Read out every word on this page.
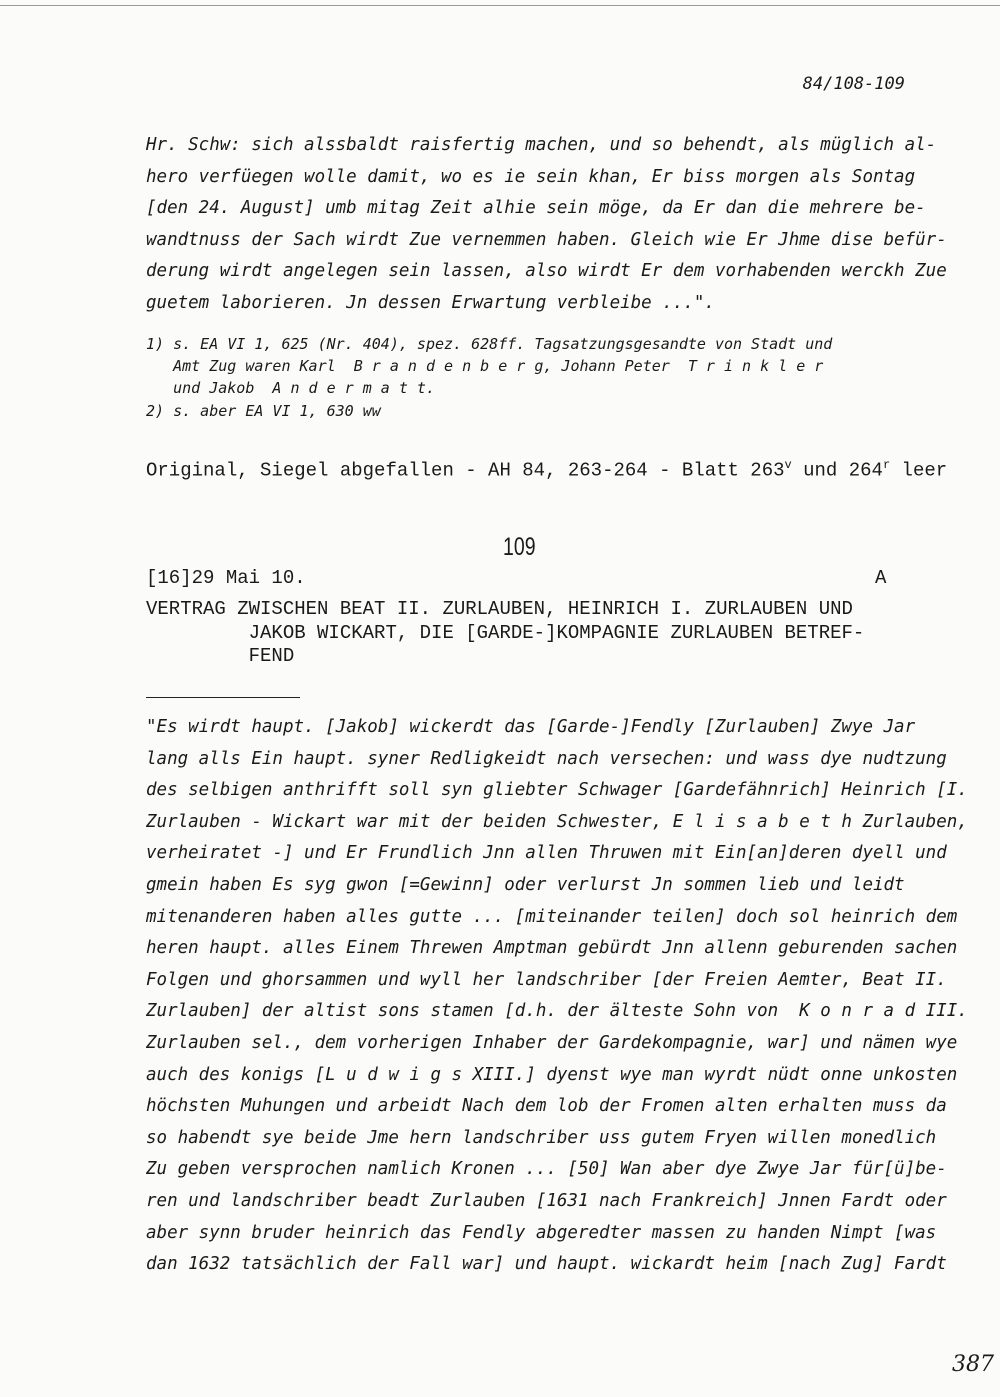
84/108-109
Hr. Schw: sich alssbaldt raisfertig machen, und so behendt, als müglich al-
hero verfüegen wolle damit, wo es ie sein khan, Er biss morgen als Sontag
[den 24. August] umb mitag Zeit alhie sein möge, da Er dan die mehrere be-
wandtnuss der Sach wirdt Zue vernemmen haben. Gleich wie Er Jhme dise befür-
derung wirdt angelegen sein lassen, also wirdt Er dem vorhabenden werckh Zue
guetem laborieren. Jn dessen Erwartung verbleibe ...".
1) s. EA VI 1, 625 (Nr. 404), spez. 628ff. Tagsatzungsgesandte von Stadt und
Amt Zug waren Karl  B r a n d e n b e r g, Johann Peter  T r i n k l e r
und Jakob  A n d e r m a t t.
2) s. aber EA VI 1, 630 ww
Original, Siegel abgefallen - AH 84, 263-264 - Blatt 263$^v$ und 264$^r$ leer
109
[16]29 Mai 10.	A
VERTRAG ZWISCHEN BEAT II. ZURLAUBEN, HEINRICH I. ZURLAUBEN UND
JAKOB WICKART, DIE [GARDE-]KOMPAGNIE ZURLAUBEN BETREF-
FEND
"Es wirdt haupt. [Jakob] wickerdt das [Garde-]Fendly [Zurlauben] Zwye Jar
lang alls Ein haupt. syner Redligkeidt nach versechen: und wass dye nudtzung
des selbigen anthrifft soll syn gliebter Schwager [Gardefähnrich] Heinrich [I.
Zurlauben - Wickart war mit der beiden Schwester, E l i s a b e t h Zurlauben,
verheiratet -] und Er Frundlich Jnn allen Thruwen mit Ein[an]deren dyell und
gmein haben Es syg gwon [=Gewinn] oder verlurst Jn sommen lieb und leidt
mitenanderen haben alles gutte ... [miteinander teilen] doch sol heinrich dem
heren haupt. alles Einem Threwen Amptman gebürdt Jnn allenn geburenden sachen
Folgen und ghorsammen und wyll her landschriber [der Freien Aemter, Beat II.
Zurlauben] der altist sons stamen [d.h. der älteste Sohn von  K o n r a d III.
Zurlauben sel., dem vorherigen Inhaber der Gardekompagnie, war] und nämen wye
auch des konigs [L u d w i g s XIII.] dyenst wye man wyrdt nüdt onne unkosten
höchsten Muhungen und arbeidt Nach dem lob der Fromen alten erhalten muss da
so habendt sye beide Jme hern landschriber uss gutem Fryen willen monedlich
Zu geben versprochen namlich Kronen ... [50] Wan aber dye Zwye Jar für[ü]be-
ren und landschriber beadt Zurlauben [1631 nach Frankreich] Jnnen Fardt oder
aber synn bruder heinrich das Fendly abgeredter massen zu handen Nimpt [was
dan 1632 tatsächlich der Fall war] und haupt. wickardt heim [nach Zug] Fardt
387
